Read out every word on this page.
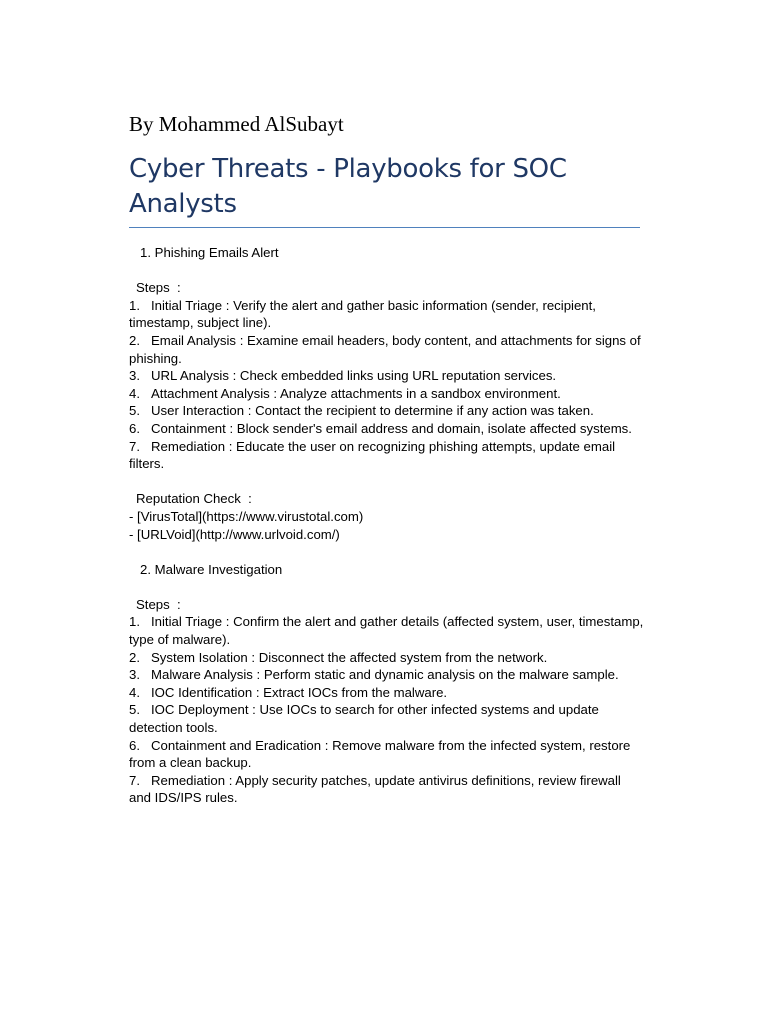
By Mohammed AlSubayt
Cyber Threats - Playbooks for SOC Analysts
1. Phishing Emails Alert
Steps  :
1. Initial Triage : Verify the alert and gather basic information (sender, recipient, timestamp, subject line).
2. Email Analysis : Examine email headers, body content, and attachments for signs of phishing.
3. URL Analysis : Check embedded links using URL reputation services.
4. Attachment Analysis : Analyze attachments in a sandbox environment.
5. User Interaction : Contact the recipient to determine if any action was taken.
6. Containment : Block sender's email address and domain, isolate affected systems.
7. Remediation : Educate the user on recognizing phishing attempts, update email filters.
Reputation Check  :
- [VirusTotal](https://www.virustotal.com)
- [URLVoid](http://www.urlvoid.com/)
2. Malware Investigation
Steps  :
1. Initial Triage : Confirm the alert and gather details (affected system, user, timestamp, type of malware).
2. System Isolation : Disconnect the affected system from the network.
3. Malware Analysis : Perform static and dynamic analysis on the malware sample.
4. IOC Identification : Extract IOCs from the malware.
5. IOC Deployment : Use IOCs to search for other infected systems and update detection tools.
6. Containment and Eradication : Remove malware from the infected system, restore from a clean backup.
7. Remediation : Apply security patches, update antivirus definitions, review firewall and IDS/IPS rules.
